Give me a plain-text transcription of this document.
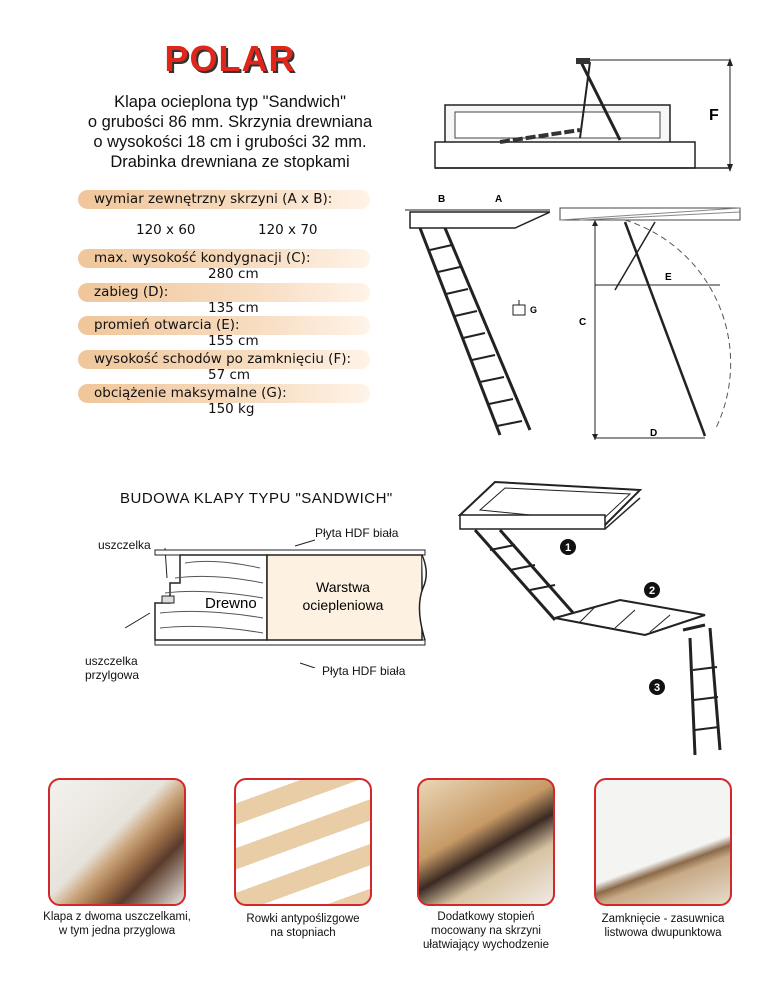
POLAR
Klapa ocieplona typ "Sandwich"
o grubości 86 mm. Skrzynia drewniana
o wysokości 18 cm i grubości 32 mm.
Drabinka drewniana ze stopkami
wymiar zewnętrzny skrzyni (A x B):
120 x 60	120 x 70
max. wysokość kondygnacji (C):
280 cm
zabieg (D):
135 cm
promień otwarcia (E):
155 cm
wysokość schodów po zamknięciu (F):
57 cm
obciążenie maksymalne (G):
150 kg
F
B	A
G
C
E
D
BUDOWA KLAPY TYPU "SANDWICH"
uszczelka
Płyta HDF biała
uszczelka
przylgowa	Płyta HDF biała
Drewno
Warstwa
ociepleniowa
1
2
3
Klapa z dwoma uszczelkami,
w tym jedna przyglowa
Rowki antypoślizgowe
na stopniach
Dodatkowy stopień
mocowany na skrzyni
ułatwiający wychodzenie
Zamknięcie - zasuwnica
listwowa dwupunktowa
